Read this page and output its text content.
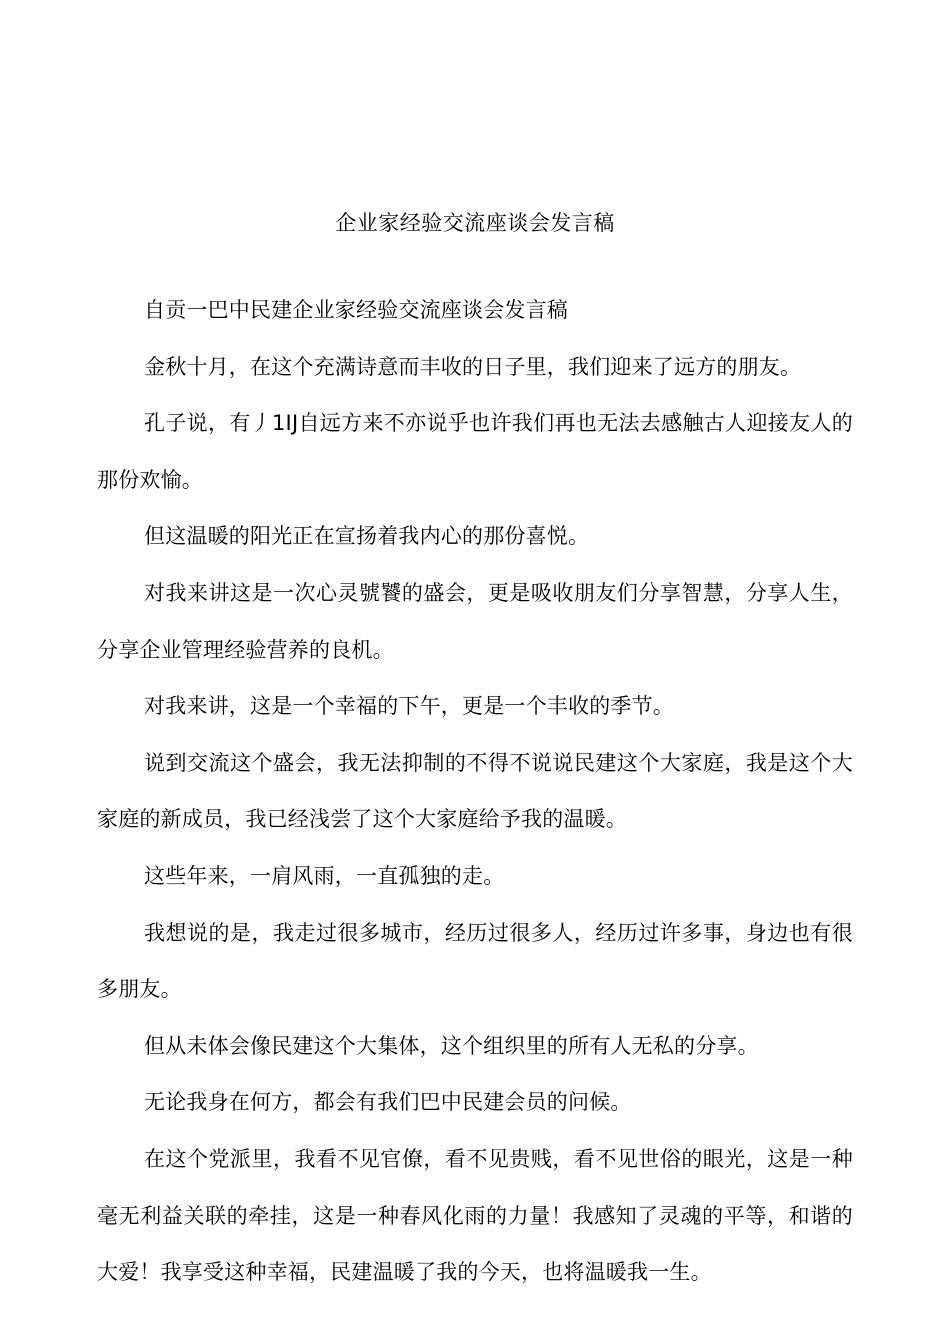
企业家经验交流座谈会发言稿

自贡一巴中民建企业家经验交流座谈会发言稿

金秋十月，在这个充满诗意而丰收的日子里，我们迎来了远方的朋友。

孔子说，有丿1IJ自远方来不亦说乎也许我们再也无法去感触古人迎接友人的那份欢愉。

但这温暖的阳光正在宣扬着我内心的那份喜悦。

对我来讲这是一次心灵號饕的盛会，更是吸收朋友们分享智慧，分享人生，分享企业管理经验营养的良机。

对我来讲，这是一个幸福的下午，更是一个丰收的季节。

说到交流这个盛会，我无法抑制的不得不说说民建这个大家庭，我是这个大家庭的新成员，我已经浅尝了这个大家庭给予我的温暖。

这些年来，一肩风雨，一直孤独的走。

我想说的是，我走过很多城市，经历过很多人，经历过许多事，身边也有很多朋友。

但从未体会像民建这个大集体，这个组织里的所有人无私的分享。

无论我身在何方，都会有我们巴中民建会员的问候。

在这个党派里，我看不见官僚，看不见贵贱，看不见世俗的眼光，这是一种毫无利益关联的牵挂，这是一种春风化雨的力量！我感知了灵魂的平等，和谐的大爱！我享受这种幸福，民建温暖了我的今天，也将温暖我一生。
